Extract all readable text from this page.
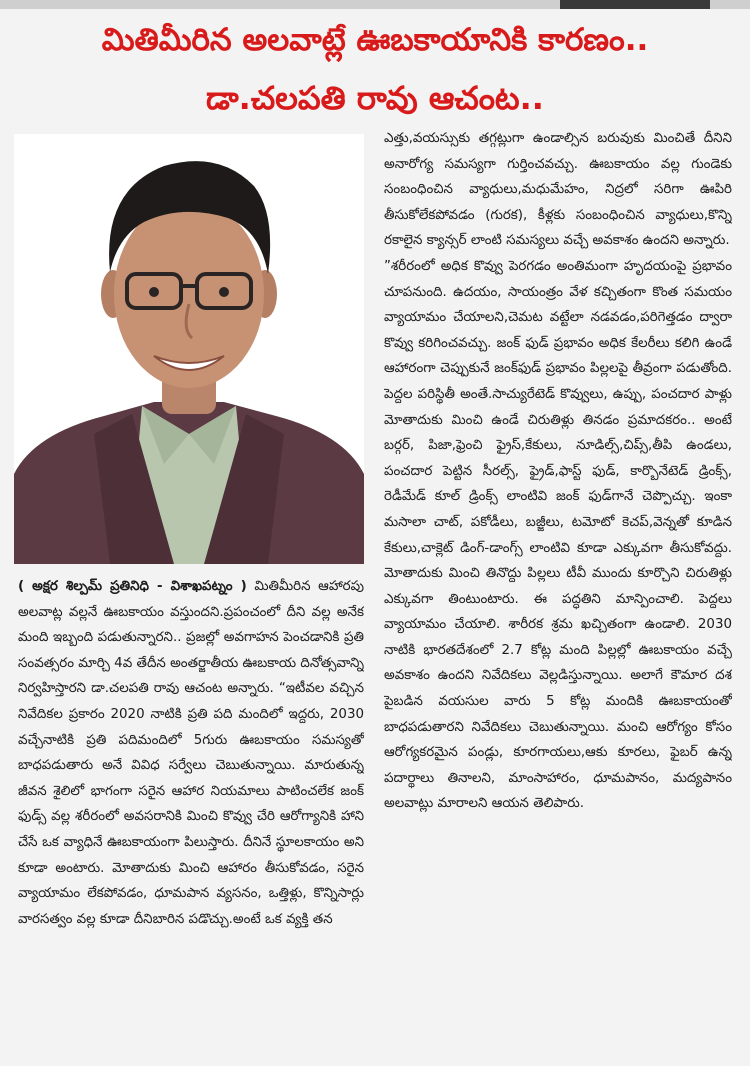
మితిమీరిన అలవాట్లే ఊబకాయానికి కారణం..
డా.చలపతి రావు ఆచంట..

( అక్షర శిల్పమ్ ప్రతినిధి - విశాఖపట్నం ) మితిమీరిన ఆహారపు అలవాట్ల వల్లనే ఊబకాయం వస్తుందని.ప్రపంచంలో దీని వల్ల అనేక మంది ఇబ్బంది పడుతున్నారని.. ప్రజల్లో అవగాహన పెంచడానికి ప్రతి సంవత్సరం మార్చి 4వ తేదీన అంతర్జాతీయ ఊబకాయ దినోత్సవాన్ని నిర్వహిస్తారని డా.చలపతి రావు ఆచంట అన్నారు. “ఇటీవల వచ్చిన నివేదికల ప్రకారం 2020 నాటికి ప్రతి పది మందిలో ఇద్దరు, 2030 వచ్చేనాటికి ప్రతి పదిమందిలో 5గురు ఊబకాయం సమస్యతో బాధపడుతారు అనే వివిధ సర్వేలు చెబుతున్నాయి. మారుతున్న జీవన శైలిలో భాగంగా సరైన ఆహార నియమాలు పాటించలేక జంక్ ఫుడ్స్ వల్ల శరీరంలో అవసరానికి మించి కొవ్వు చేరి ఆరోగ్యానికి హాని చేసే ఒక వ్యాధినే ఊబకాయంగా పిలుస్తారు. దీనినే స్థూలకాయం అని కూడా అంటారు. మోతాదుకు మించి ఆహారం తీసుకోవడం, సరైన వ్యాయామం లేకపోవడం, ధూమపాన వ్యసనం, ఒత్తిళ్లు, కొన్నిసార్లు వారసత్వం వల్ల కూడా దీనిబారిన పడొచ్చు.అంటే ఒక వ్యక్తి తన

ఎత్తు,వయస్సుకు తగ్గట్లుగా ఉండాల్సిన బరువుకు మించితే దీనిని అనారోగ్య సమస్యగా గుర్తించవచ్చు. ఊబకాయం వల్ల గుండెకు సంబంధించిన వ్యాధులు,మధుమేహం, నిద్రలో సరిగా ఊపిరి తీసుకోలేకపోవడం (గురక), కీళ్లకు సంబంధించిన వ్యాధులు,కొన్ని రకాలైన క్యాన్సర్ లాంటి సమస్యలు వచ్చే అవకాశం ఉందని అన్నారు.

”శరీరంలో అధిక కొవ్వు పెరగడం అంతిమంగా హృదయంపై ప్రభావం చూపనుంది. ఉదయం, సాయంత్రం వేళ కచ్చితంగా కొంత సమయం వ్యాయామం చేయాలని,చెమట వట్టేలా నడవడం,పరిగెత్తడం ద్వారా కొవ్వు కరిగించవచ్చు. జంక్ ఫుడ్ ప్రభావం అధిక కేలరీలు కలిగి ఉండే ఆహారంగా చెప్పుకునే జంక్‌ఫుడ్ ప్రభావం పిల్లలపై తీవ్రంగా పడుతోంది. పెద్దల పరిస్థితీ అంతే.సాచ్యురేటెడ్ కొవ్వులు, ఉప్పు, పంచదార పాళ్లు మోతాదుకు మించి ఉండే చిరుతిళ్లు తినడం ప్రమాదకరం.. అంటే బర్గర్, పిజా,ఫ్రెంచి ఫ్రైస్,కేకులు, నూడిల్స్,చిప్స్,తీపి ఉండలు, పంచదార పెట్టిన సీరల్స్, ఫ్రైడ్,ఫాస్ట్ ఫుడ్, కార్బొనేటెడ్ డ్రింక్స్, రెడీమేడ్ కూల్ డ్రింక్స్ లాంటివి జంక్ ఫుడ్‌గానే చెప్పొచ్చు. ఇంకా మసాలా చాట్, పకోడీలు, బజ్జీలు, టమోటో కెచప్,వెన్నతో కూడిన కేకులు,చాక్లెట్ డింగ్-డాంగ్స్ లాంటివి కూడా ఎక్కువగా తీసుకోవద్దు. మోతాదుకు మించి తినొద్దు పిల్లలు టీవీ ముందు కూర్చొని చిరుతిళ్లు ఎక్కువగా తింటుంటారు. ఈ పద్ధతిని మాన్పించాలి. పెద్దలు వ్యాయామం చేయాలి. శారీరక శ్రమ ఖచ్చితంగా ఉండాలి. 2030 నాటికి భారతదేశంలో 2.7 కోట్ల మంది పిల్లల్లో ఊబకాయం వచ్చే అవకాశం ఉందని నివేదికలు వెల్లడిస్తున్నాయి. అలాగే కౌమార దశ పైబడిన వయసుల వారు 5 కోట్ల మందికి ఊబకాయంతో బాధపడుతారని నివేదికలు చెబుతున్నాయి. మంచి ఆరోగ్యం కోసం ఆరోగ్యకరమైన పండ్లు, కూరగాయలు,ఆకు కూరలు, ఫైబర్ ఉన్న పదార్థాలు తినాలని, మాంసాహారం, ధూమపానం, మద్యపానం అలవాట్లు మారాలని ఆయన తెలిపారు.
